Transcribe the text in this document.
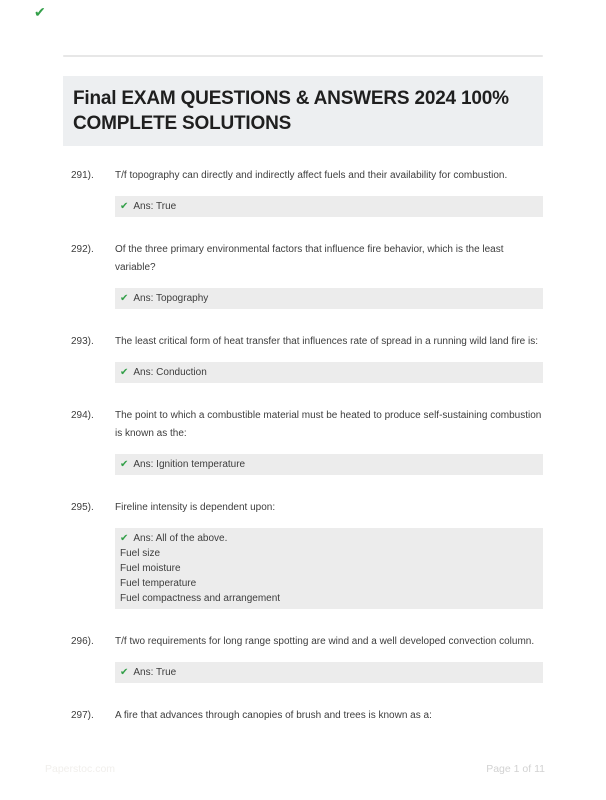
✔
Final EXAM QUESTIONS & ANSWERS 2024 100% COMPLETE SOLUTIONS
291).	T/f topography can directly and indirectly affect fuels and their availability for combustion.
✔ Ans: True
292).	Of the three primary environmental factors that influence fire behavior, which is the least variable?
✔ Ans: Topography
293).	The least critical form of heat transfer that influences rate of spread in a running wild land fire is:
✔ Ans: Conduction
294).	The point to which a combustible material must be heated to produce self-sustaining combustion is known as the:
✔ Ans: Ignition temperature
295).	Fireline intensity is dependent upon:
✔ Ans: All of the above.
Fuel size
Fuel moisture
Fuel temperature
Fuel compactness and arrangement
296).	T/f two requirements for long range spotting are wind and a well developed convection column.
✔ Ans: True
297).	A fire that advances through canopies of brush and trees is known as a:
Paperstoc.com	Page 1 of 11
